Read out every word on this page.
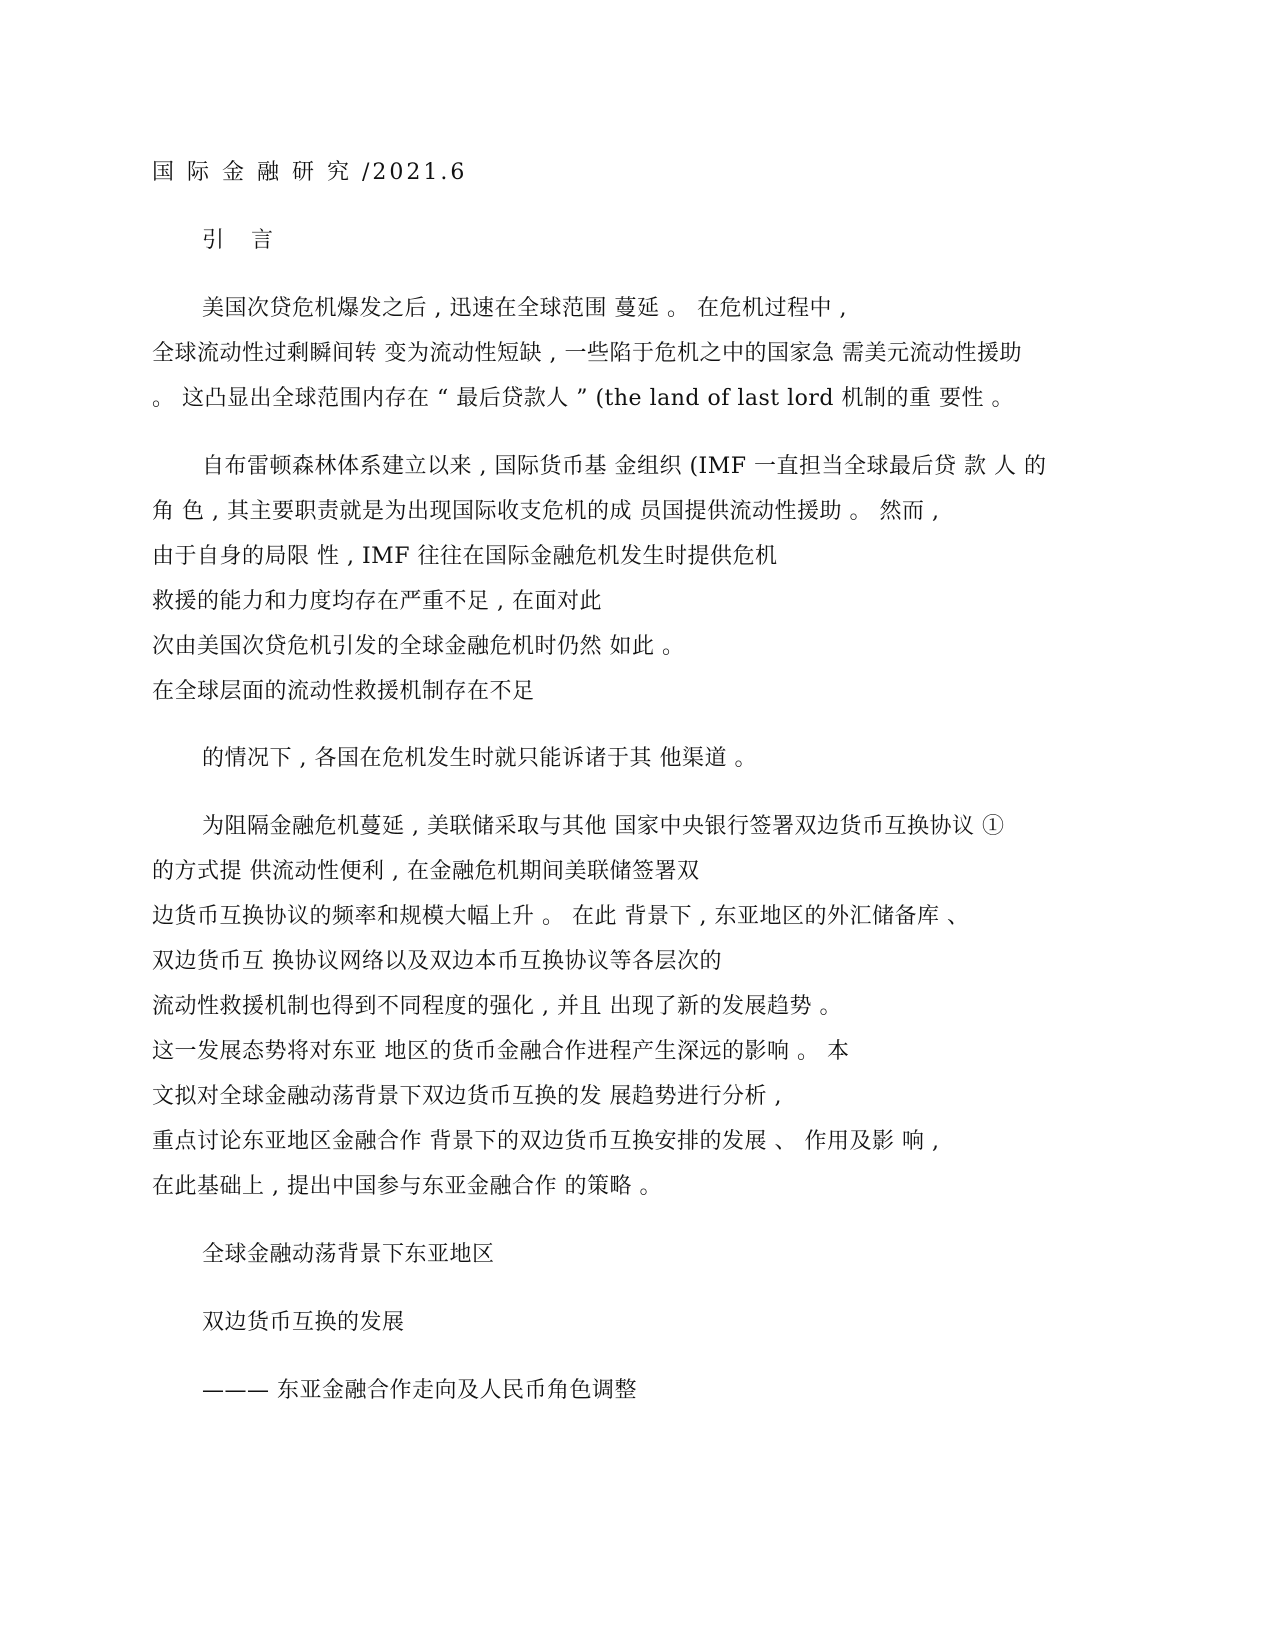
国 际 金 融 研 究 /2021.6
引 言
美国次贷危机爆发之后 , 迅速在全球范围 蔓延 。 在危机过程中 ,
全球流动性过剩瞬间转 变为流动性短缺 , 一些陷于危机之中的国家急 需美元流动性援助
。 这凸显出全球范围内存在 “ 最后贷款人 ” (the land of last lord 机制的重 要性 。
自布雷顿森林体系建立以来 , 国际货币基 金组织 (IMF 一直担当全球最后贷 款 人 的
角 色 , 其主要职责就是为出现国际收支危机的成 员国提供流动性援助 。 然而 ,
由于自身的局限 性 , IMF 往往在国际金融危机发生时提供危机
救援的能力和力度均存在严重不足 , 在面对此
次由美国次贷危机引发的全球金融危机时仍然 如此 。
在全球层面的流动性救援机制存在不足
的情况下 , 各国在危机发生时就只能诉诸于其 他渠道 。
为阻隔金融危机蔓延 , 美联储采取与其他 国家中央银行签署双边货币互换协议 ①
的方式提 供流动性便利 , 在金融危机期间美联储签署双
边货币互换协议的频率和规模大幅上升 。 在此 背景下 , 东亚地区的外汇储备库 、
双边货币互 换协议网络以及双边本币互换协议等各层次的
流动性救援机制也得到不同程度的强化 , 并且 出现了新的发展趋势 。
这一发展态势将对东亚 地区的货币金融合作进程产生深远的影响 。 本
文拟对全球金融动荡背景下双边货币互换的发 展趋势进行分析 ,
重点讨论东亚地区金融合作 背景下的双边货币互换安排的发展 、 作用及影 响 ,
在此基础上 , 提出中国参与东亚金融合作 的策略 。
全球金融动荡背景下东亚地区
双边货币互换的发展
——— 东亚金融合作走向及人民币角色调整
